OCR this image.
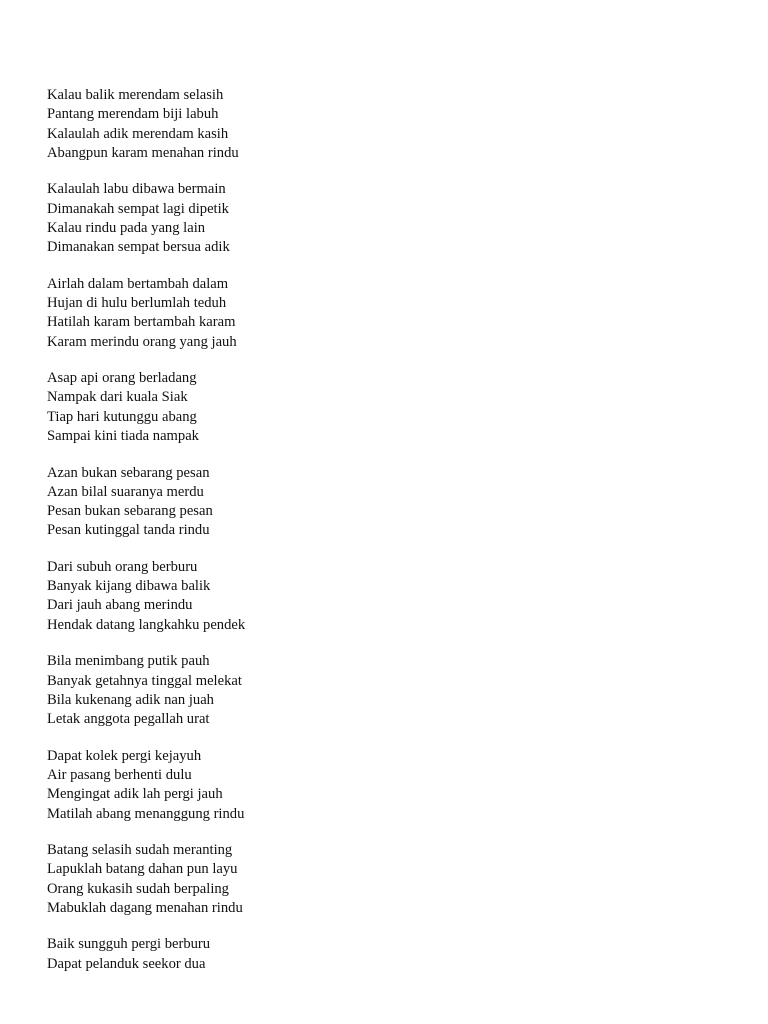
Kalau balik merendam selasih
Pantang merendam biji labuh
Kalaulah adik merendam kasih
Abangpun karam menahan rindu
Kalaulah labu dibawa bermain
Dimanakah sempat lagi dipetik
Kalau rindu pada yang lain
Dimanakan sempat bersua adik
Airlah dalam bertambah dalam
Hujan di hulu berlumlah teduh
Hatilah karam bertambah karam
Karam merindu orang yang jauh
Asap api orang berladang
Nampak dari kuala Siak
Tiap hari kutunggu abang
Sampai kini tiada nampak
Azan bukan sebarang pesan
Azan bilal suaranya merdu
Pesan bukan sebarang pesan
Pesan kutinggal tanda rindu
Dari subuh orang berburu
Banyak kijang dibawa balik
Dari jauh abang merindu
Hendak datang langkahku pendek
Bila menimbang putik pauh
Banyak getahnya tinggal melekat
Bila kukenang adik nan juah
Letak anggota pegallah urat
Dapat kolek pergi kejayuh
Air pasang berhenti dulu
Mengingat adik lah pergi jauh
Matilah abang menanggung rindu
Batang selasih sudah meranting
Lapuklah batang dahan pun layu
Orang kukasih sudah berpaling
Mabuklah dagang menahan rindu
Baik sungguh pergi berburu
Dapat pelanduk seekor dua
